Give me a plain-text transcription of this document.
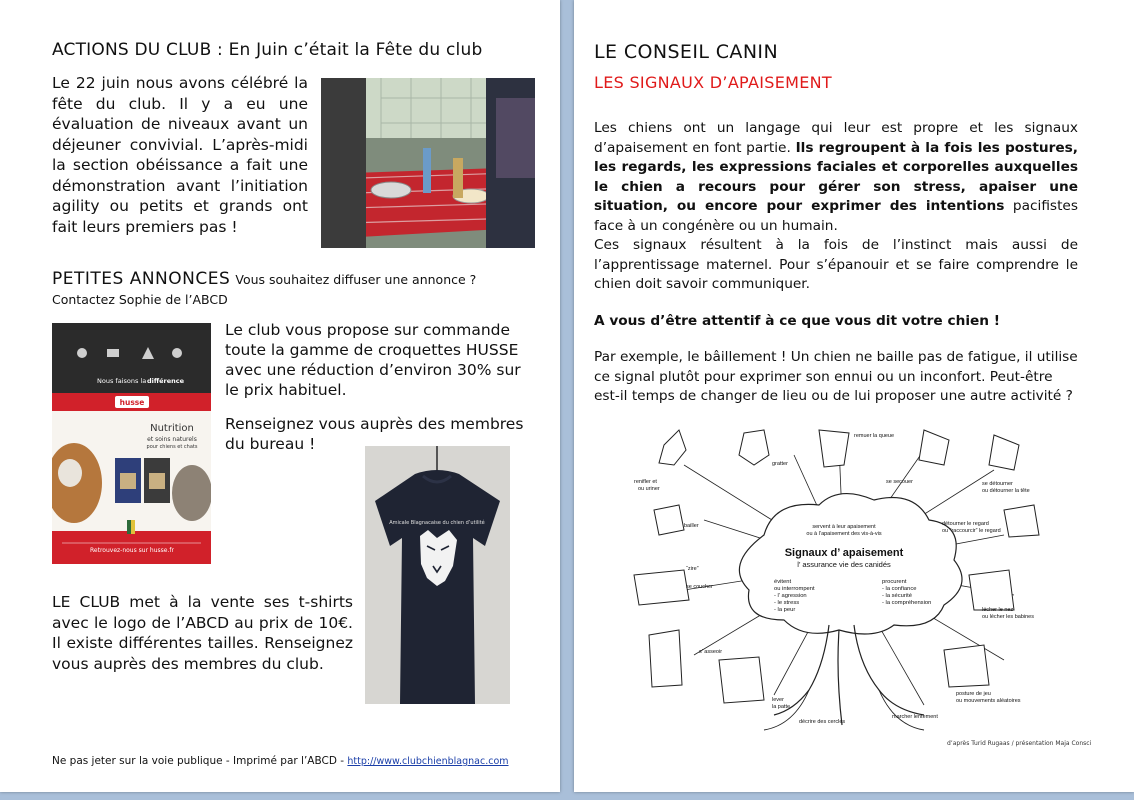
ACTIONS DU CLUB : En Juin c’était la Fête du club
Le 22 juin nous avons célébré la fête du club. Il y a eu une évaluation de niveaux avant un déjeuner convivial. L’après-midi la section obéissance a fait une démonstration avant l’initiation agility ou petits et grands ont fait leurs premiers pas !
PETITES ANNONCES Vous souhaitez diffuser une annonce ?
Contactez Sophie de l’ABCD
Nous faisons la différence
husse
Nutrition
et soins naturels
pour chiens et chats
Retrouvez-nous sur husse.fr
Le club vous propose sur commande toute la gamme de croquettes HUSSE avec une réduction d’environ 30% sur le prix habituel.
Renseignez vous auprès des membres du bureau !
Amicale Blagnacaise du chien d’utilité
LE CLUB met à la vente ses t-shirts avec le logo de l’ABCD au prix de 10€. Il existe différentes tailles. Renseignez vous auprès des membres du club.
Ne pas jeter sur la voie publique - Imprimé par l’ABCD - http://www.clubchienblagnac.com
LE CONSEIL CANIN
LES SIGNAUX D’APAISEMENT
Les chiens ont un langage qui leur est propre et les signaux d’apaisement en font partie. Ils regroupent à la fois les postures, les regards, les expressions faciales et corporelles auxquelles le chien a recours pour gérer son stress, apaiser une situation, ou encore pour exprimer des intentions pacifistes face à un congénère ou un humain.
Ces signaux résultent à la fois de l’instinct mais aussi de l’apprentissage maternel. Pour s’épanouir et se faire comprendre le chien doit savoir communiquer.
A vous d’être attentif à ce que vous dit votre chien !
Par exemple, le bâillement ! Un chien ne baille pas de fatigue, il utilise ce signal plutôt pour exprimer son ennui ou un inconfort. Peut-être est-il temps de changer de lieu ou de lui proposer une autre activité ?
servent à leur apaisement
ou à l’apaisement des vis-à-vis
Signaux d’ apaisement
l’ assurance vie des canidés
évitent
ou interrompent
- l’ agression
- le stress
- la peur
procurent
- la confiance
- la sécurité
- la compréhension
remuer la queue
gratter
se secouer
renifler et
ou uriner
se détourner
ou détourner la tête
bailler	détourner le regard
ou “raccourcir” le regard
“zire”
se coucher
lécher le nez
ou lécher les babines
s’ asseoir
posture de jeu
ou mouvements aléatoires
lever
la patte
décrire des cercles
marcher lentement
d’après Turid Rugaas / présentation Maja Consci
